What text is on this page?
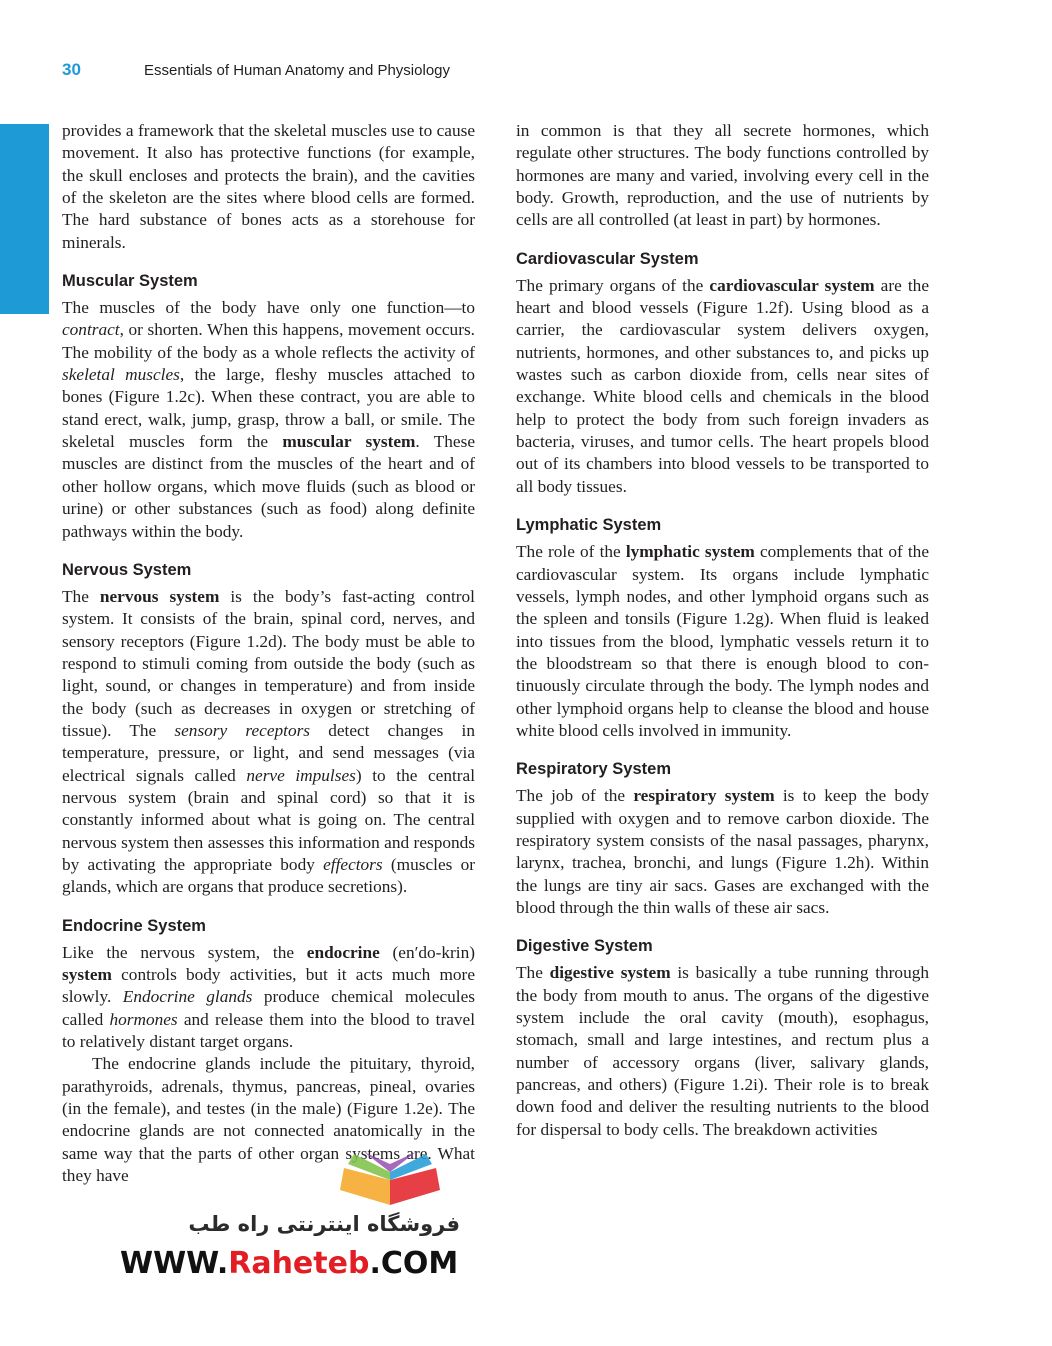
30	Essentials of Human Anatomy and Physiology

provides a framework that the skeletal muscles use to cause movement. It also has protective functions (for example, the skull encloses and protects the brain), and the cavities of the skeleton are the sites where blood cells are formed. The hard substance of bones acts as a storehouse for minerals.

Muscular System

The muscles of the body have only one function—to contract, or shorten. When this happens, movement occurs. The mobility of the body as a whole reflects the activity of skeletal muscles, the large, fleshy muscles attached to bones (Figure 1.2c). When these contract, you are able to stand erect, walk, jump, grasp, throw a ball, or smile. The skeletal muscles form the muscular system. These muscles are distinct from the muscles of the heart and of other hollow organs, which move fluids (such as blood or urine) or other substances (such as food) along definite pathways within the body.

Nervous System

The nervous system is the body’s fast-acting control system. It consists of the brain, spinal cord, nerves, and sensory receptors (Figure 1.2d). The body must be able to respond to stimuli coming from outside the body (such as light, sound, or changes in temperature) and from inside the body (such as decreases in oxygen or stretching of tissue). The sensory receptors detect changes in temperature, pressure, or light, and send messages (via electrical signals called nerve impulses) to the central nervous system (brain and spinal cord) so that it is constantly informed about what is going on. The central nervous system then assesses this information and responds by activating the appropriate body effectors (muscles or glands, which are organs that produce secretions).

Endocrine System

Like the nervous system, the endocrine (en′do-krin) system controls body activities, but it acts much more slowly. Endocrine glands produce chemical molecules called hormones and release them into the blood to travel to relatively distant target organs.

The endocrine glands include the pituitary, thyroid, parathyroids, adrenals, thymus, pancreas, pineal, ovaries (in the female), and testes (in the male) (Figure 1.2e). The endocrine glands are not connected anatomically in the same way that the parts of other organ systems are. What they have

in common is that they all secrete hormones, which regulate other structures. The body functions controlled by hormones are many and varied, involving every cell in the body. Growth, reproduction, and the use of nutrients by cells are all controlled (at least in part) by hormones.

Cardiovascular System

The primary organs of the cardiovascular system are the heart and blood vessels (Figure 1.2f). Using blood as a carrier, the cardiovascular system delivers oxygen, nutrients, hormones, and other substances to, and picks up wastes such as carbon dioxide from, cells near sites of exchange. White blood cells and chemicals in the blood help to protect the body from such foreign invaders as bacteria, viruses, and tumor cells. The heart propels blood out of its chambers into blood vessels to be transported to all body tissues.

Lymphatic System

The role of the lymphatic system complements that of the cardiovascular system. Its organs include lymphatic vessels, lymph nodes, and other lymphoid organs such as the spleen and tonsils (Figure 1.2g). When fluid is leaked into tissues from the blood, lymphatic vessels return it to the bloodstream so that there is enough blood to continuously circulate through the body. The lymph nodes and other lymphoid organs help to cleanse the blood and house white blood cells involved in immunity.

Respiratory System

The job of the respiratory system is to keep the body supplied with oxygen and to remove carbon dioxide. The respiratory system consists of the nasal passages, pharynx, larynx, trachea, bronchi, and lungs (Figure 1.2h). Within the lungs are tiny air sacs. Gases are exchanged with the blood through the thin walls of these air sacs.

Digestive System

The digestive system is basically a tube running through the body from mouth to anus. The organs of the digestive system include the oral cavity (mouth), esophagus, stomach, small and large intestines, and rectum plus a number of accessory organs (liver, salivary glands, pancreas, and others) (Figure 1.2i). Their role is to break down food and deliver the resulting nutrients to the blood for dispersal to body cells. The breakdown activities

فروشگاه اینترنتی راه طب
WWW.Raheteb.COM
